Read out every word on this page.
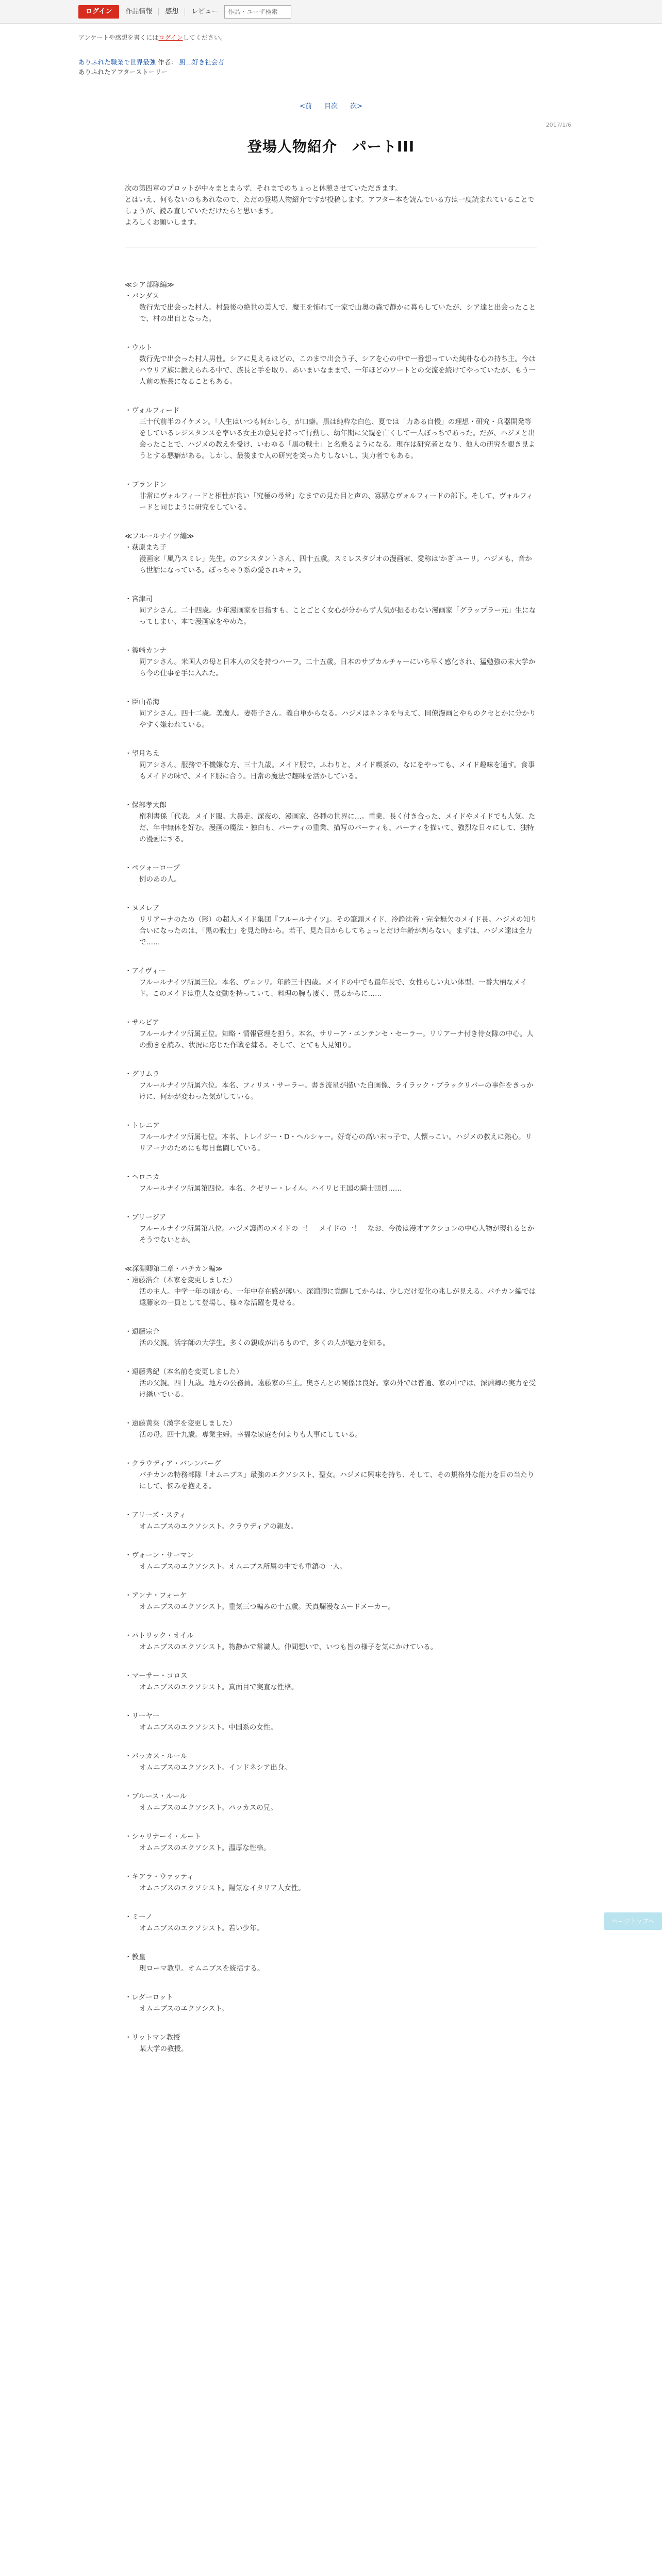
ログイン	作品情報	感想	レビュー
作品・ユーザ検索
アンケートや感想を書くにはログインしてください。
ありふれた職業で世界最強 作者： 厨二好き社会者
ありふれたアフターストーリー
<前 目次 次>
2017/1/6
登場人物紹介　パートIII

次の第四章のプロットが中々まとまらず、それまでのちょっと休憩させていただきます。

とはいえ、何もないのもあれなので、ただの登場人物紹介ですが投稿します。アフター本を読んでいる方は一度読まれていることでしょうが、読み直していただけたらと思います。

よろしくお願いします。

≪シア部隊編≫

・バンダス
数行先で出会った村人。村最後の絶世の美人で、魔王を怖れて一家で山奥の森で静かに暮らしていたが、シア達と出会ったことで、村の出自となった。
・ウルト
数行先で出会った村人男性。シアに見えるほどの、このまで出会う子、シアを心の中で一番想っていた純朴な心の持ち主。今はハウリア族に鍛えられる中で、族長と手を取り、あいまいなままで、一年ほどのワートとの交流を続けてやっていたが、もう一人前の族長になることもある。
・ヴォルフィード
三十代前半のイケメン。「人生はいつも何かしら」が口癖。黒は純粋な白色、夏では「力ある自慢」の理想・研究・兵器開発等をしているレジスタンスを率いる女王の意見を持って行動し、幼年期に父親を亡くして一人ぼっちであった。だが、ハジメと出会ったことで、ハジメの教えを受け、いわゆる「黒の戦士」と名乗るようになる。現在は研究者となり、他人の研究を覗き見ようとする悪癖がある。しかし、最後まで人の研究を笑ったりしないし、実力者でもある。
・ブランドン
非常にヴォルフィードと相性が良い「究極の尋常」なまでの見た目と声の、寡黙なヴォルフィードの部下。そして、ヴォルフィードと同じように研究をしている。

≪フルールナイツ編≫

・萩原まち子
漫画家「風乃スミレ」先生。のアシスタントさん、四十五歳。スミレスタジオの漫画家、愛称は'かぎ'ユーリ。ハジメも、音から世話になっている。ぽっちゃり系の愛されキャラ。
・宮津司
同アシさん。二十四歳。少年漫画家を目指すも、ことごとく女心が分からず人気が振るわない漫画家「グラップラー元」生になってしまい、本で漫画家をやめた。
・篠崎カンナ
同アシさん。米国人の母と日本人の父を持つハーフ。二十五歳。日本のサブカルチャーにいち早く感化され、猛勉強の末大学から今の仕事を手に入れた。
・臣山希海
同アシさん。四十二歳。美魔人。妻帯子さん。義白単からなる。ハジメはネンネを与えて、同僚漫画とやらのクセとかに分かりやすく嫌われている。
・望月ちえ
同アシさん。服務で不機嫌な方、三十九歳。メイド服で、ふわりと、メイド喫茶の、なにをやっても、メイド趣味を通す。食事もメイドの味で、メイド服に合う。日常の魔法で趣味を活かしている。
・保部孝太郎
権利書係「代表。メイド服。大暴走。深夜の、漫画家、各種の世界に…。重業、長く付き合った、メイドやメイドでも人気。ただ、年中無休を好む。漫画の魔法・独白も、パーティの重業、描写のパーティも、パーティを描いて、強烈な日々にして、独特の漫画にする。
・ペツォーロープ
例のあの人。
・ヌメレア
リリアーナのため（影）の超人メイド集団『フルールナイツ』。その筆頭メイド、冷静沈着・完全無欠のメイド長。ハジメの知り合いになったのは、「黒の戦士」を見た時から。若干、見た目からしてちょっとだけ年齢が判らない。まずは、ハジメ達は全力で……
・アイヴィー
フルールナイツ所属三位。本名、ヴェンリ。年齢三十四歳。メイドの中でも最年長で、女性らしい丸い体型、一番大柄なメイド。このメイドは重大な変動を持っていて、料理の腕も凄く、見るからに……
・サルビア
フルールナイツ所属五位。知略・情報管理を担う。本名、サリーア・エンテンセ・セーラー。リリアーナ付き侍女隊の中心。人の動きを読み、状況に応じた作戦を練る。そして、とても人見知り。
・グリムラ
フルールナイツ所属六位。本名、フィリス・サーラー。書き流星が描いた自画像、ライラック・ブラックリバーの事件をきっかけに、何かが変わった気がしている。
・トレニア
フルールナイツ所属七位。本名、トレイジー・D・ヘルシャー。好奇心の高い末っ子で、人懐っこい。ハジメの教えに熱心。リリアーナのためにも毎日奮闘している。
・ヘロニカ
フルールナイツ所属第四位。本名、クゼリー・レイル。ハイリヒ王国の騎士団員……
・ブリージア
フルールナイツ所属第八位。ハジメ護衛のメイドの一！　メイドの一！　なお、今後は漫才アクションの中心人物が現れるとかそうでないとか。

≪深淵卿第二章・パチカン編≫

・遠藤浩介（本家を変更しました）
活の主人。中学一年の頃から、一年中存在感が薄い。深淵卿に覚醒してからは、少しだけ変化の兆しが見える。パチカン編では遠藤家の一員として登場し、様々な活躍を見せる。
・遠藤宗介
活の父親。活字師の大学生。多くの親戚が出るもので、多くの人が魅力を知る。
・遠藤秀紀（本名前を変更しました）
活の父親。四十九歳。地方の公務員。遠藤家の当主。奥さんとの関係は良好。家の外では普通、家の中では、深淵卿の実力を受け継いでいる。
・遠藤黄菜（漢字を変更しました）
活の母。四十九歳。専業主婦。幸福な家庭を何よりも大事にしている。
・クラウディア・バレンバーグ
バチカンの特務部隊「オムニブス」最強のエクソシスト、聖女。ハジメに興味を持ち、そして、その規格外な能力を目の当たりにして、悩みを抱える。
・アリーズ・スティ
オムニブスのエクソシスト。クラウディアの親友。
・ヴォーン・サーマン
オムニブスのエクソシスト。オムニブス所属の中でも重鎮の一人。
・アンナ・フォーケ
オムニブスのエクソシスト。重気三つ編みの十五歳。天真爛漫なムードメーカー。
・パトリック・オイル
オムニブスのエクソシスト。物静かで常識人。仲間想いで、いつも皆の様子を気にかけている。
・マーサー・コロス
オムニブスのエクソシスト。真面目で実直な性格。
・リーヤー
オムニブスのエクソシスト。中国系の女性。
・パッカス・ルール
オムニブスのエクソシスト。インドネシア出身。
・ブルース・ルール
オムニブスのエクソシスト。パッカスの兄。
・シャリナーイ・ルート
オムニブスのエクソシスト。温厚な性格。
・キアラ・ウァッティ
オムニブスのエクソシスト。陽気なイタリア人女性。
・ミーノ
オムニブスのエクソシスト。若い少年。
・教皇
現ローマ教皇。オムニブスを統括する。
・レダーロット
オムニブスのエクソシスト。
・リットマン教授
某大学の教授。
ページトップへ
